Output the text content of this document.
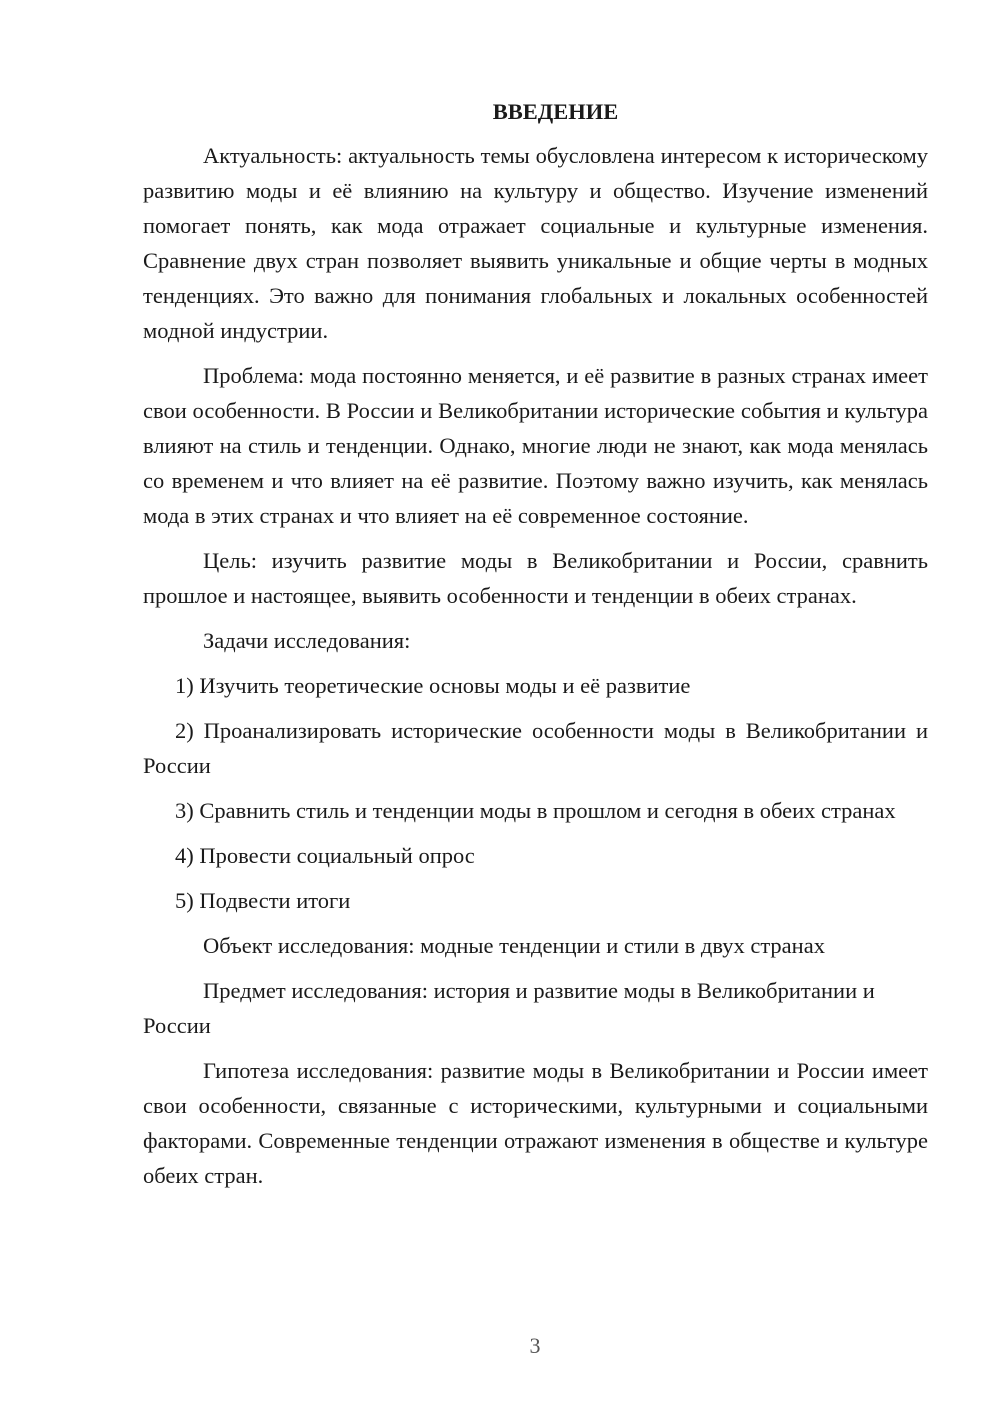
ВВЕДЕНИЕ

Актуальность: актуальность темы обусловлена интересом к историческому развитию моды и её влиянию на культуру и общество. Изучение изменений помогает понять, как мода отражает социальные и культурные изменения. Сравнение двух стран позволяет выявить уникальные и общие черты в модных тенденциях. Это важно для понимания глобальных и локальных особенностей модной индустрии.

Проблема: мода постоянно меняется, и её развитие в разных странах имеет свои особенности. В России и Великобритании исторические события и культура влияют на стиль и тенденции. Однако, многие люди не знают, как мода менялась со временем и что влияет на её развитие. Поэтому важно изучить, как менялась мода в этих странах и что влияет на её современное состояние.

Цель: изучить развитие моды в Великобритании и России, сравнить прошлое и настоящее, выявить особенности и тенденции в обеих странах.

Задачи исследования:

1) Изучить теоретические основы моды и её развитие

2) Проанализировать исторические особенности моды в Великобритании и России

3) Сравнить стиль и тенденции моды в прошлом и сегодня в обеих странах

4) Провести социальный опрос

5) Подвести итоги

Объект исследования: модные тенденции и стили в двух странах

Предмет исследования: история и развитие моды в Великобритании и России

Гипотеза исследования: развитие моды в Великобритании и России имеет свои особенности, связанные с историческими, культурными и социальными факторами. Современные тенденции отражают изменения в обществе и культуре обеих стран.

3
